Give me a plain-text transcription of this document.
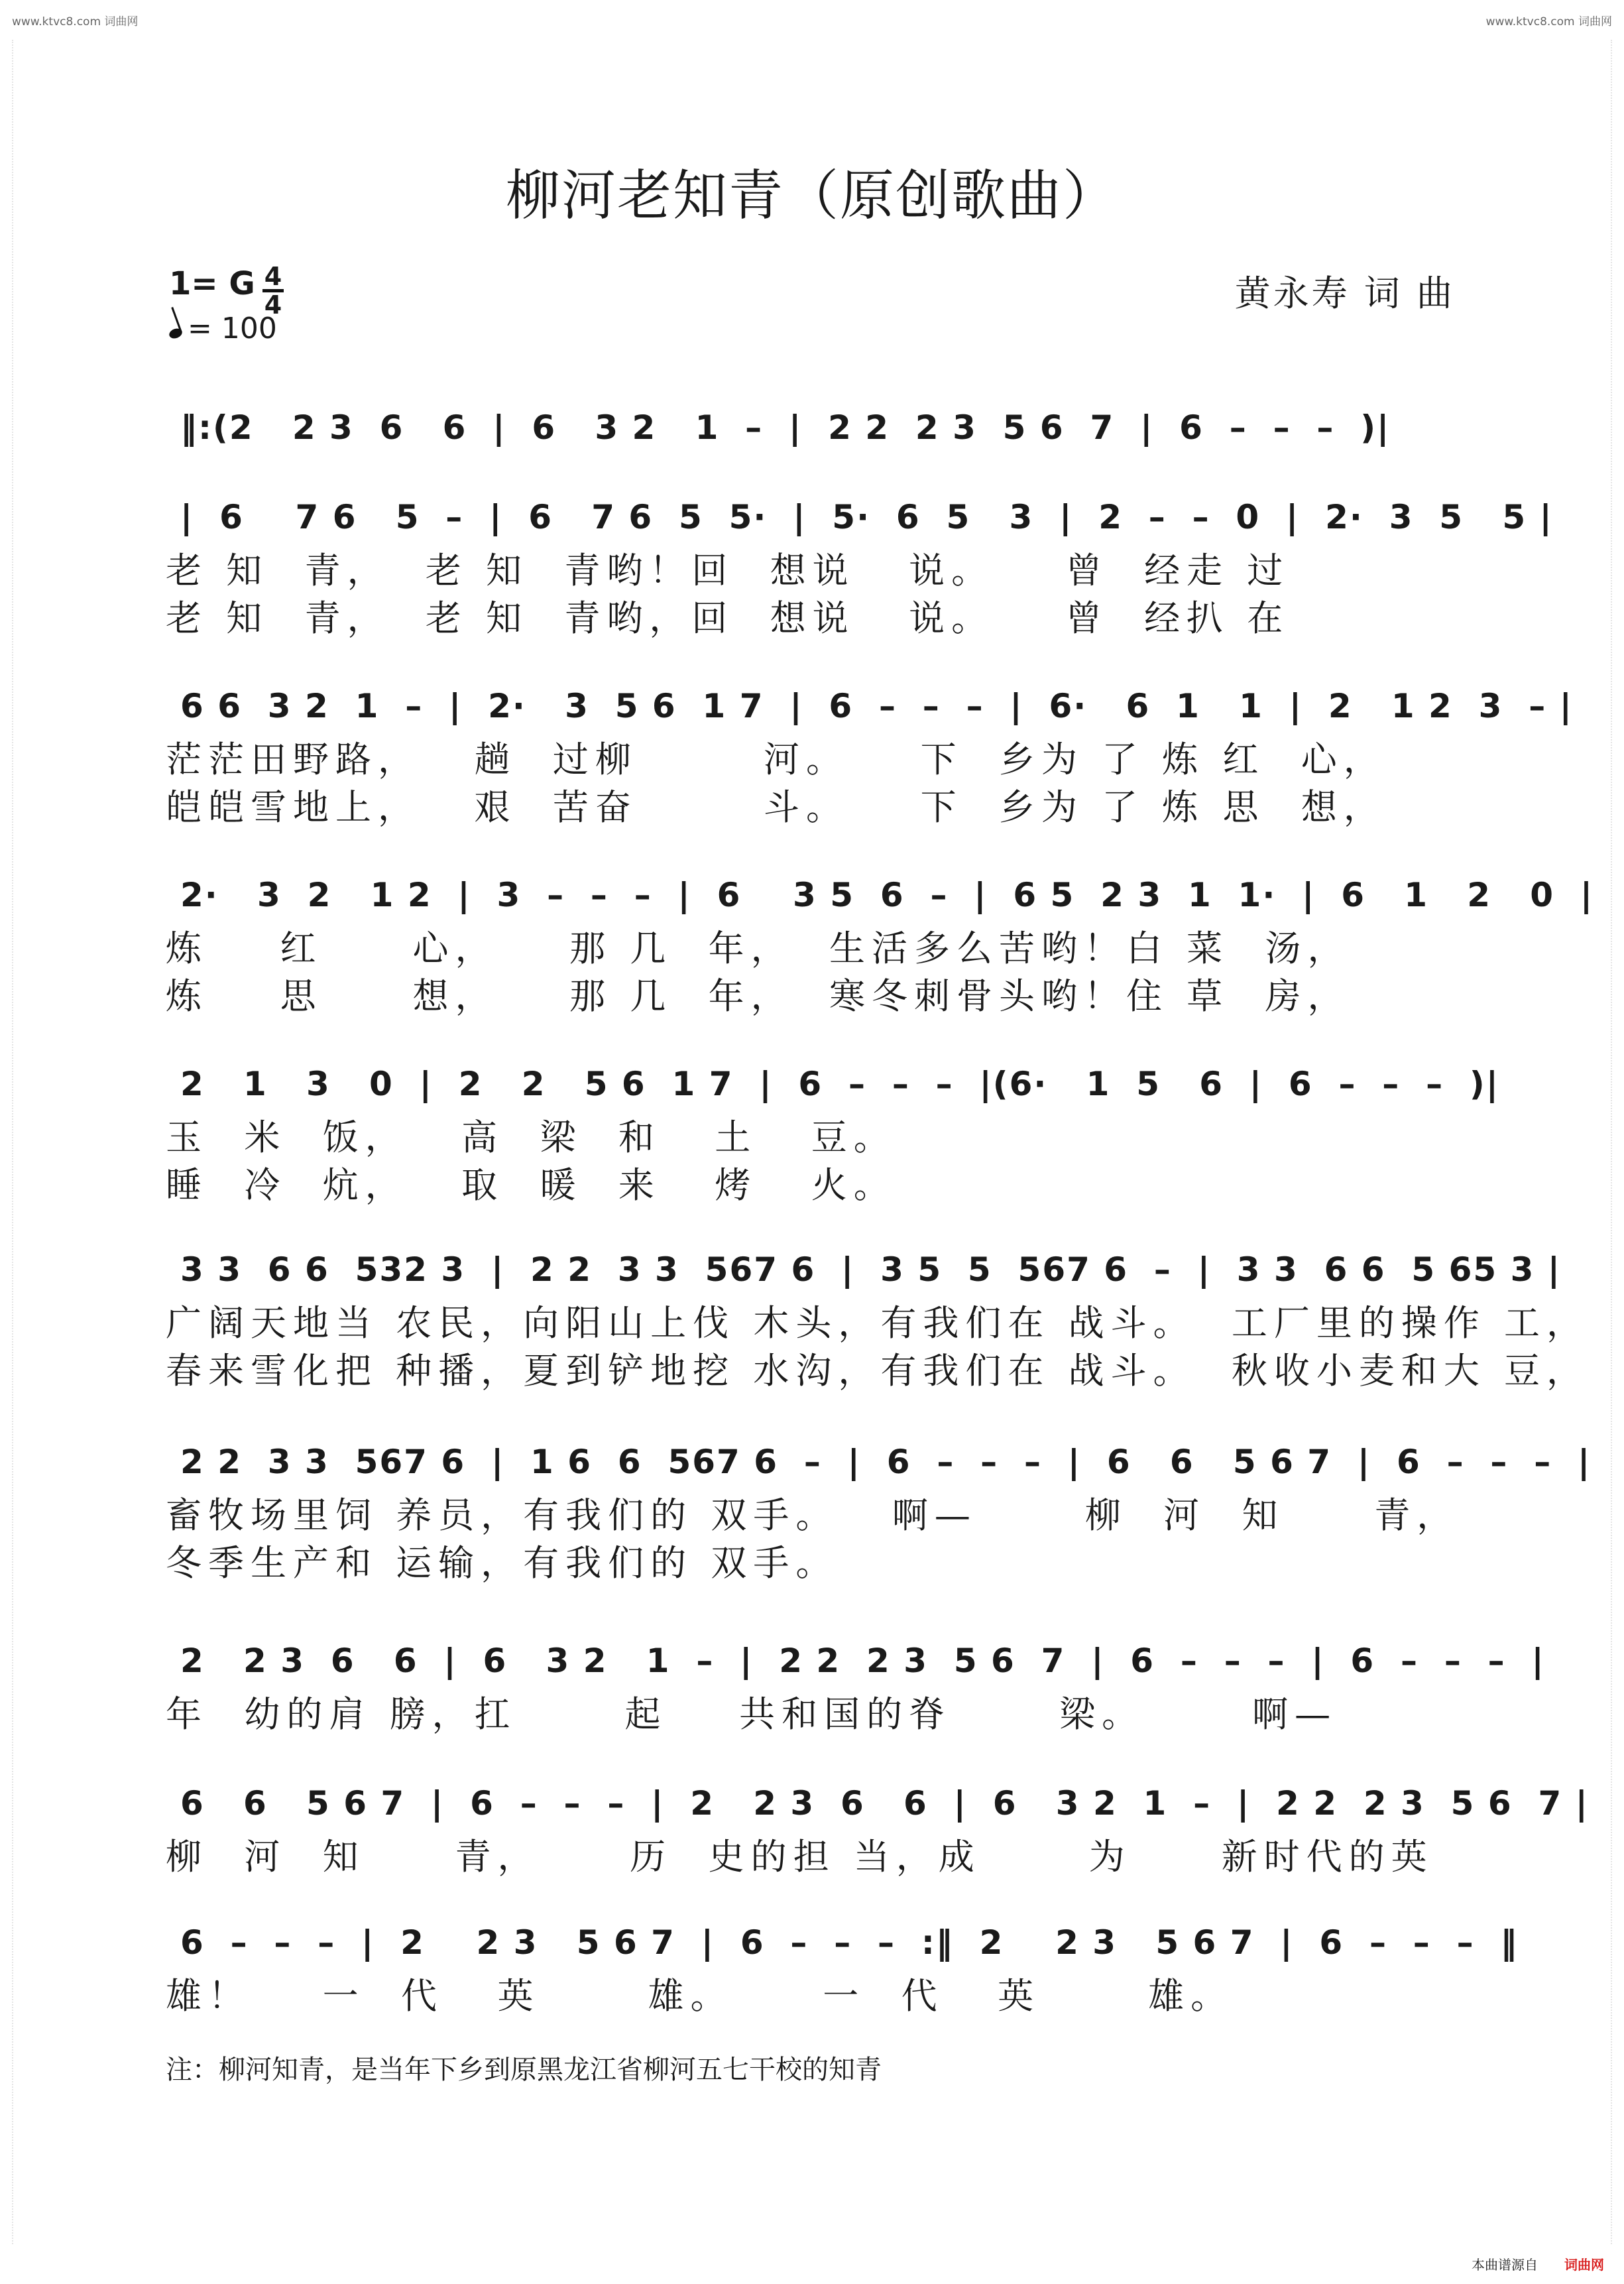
www.ktvc8.com 词曲网	www.ktvc8.com 词曲网
柳河老知青（原创歌曲）
1= G 4
4
= 100
黄永寿 词 曲
‖:(2   2 3  6   6  |  6   3 2   1  –  |  2 2  2 3  5 6  7  |  6  –  –  –  )|
|  6    7 6   5  –  |  6   7 6  5  5·  |  5·  6  5   3  |  2  –  –  0  |  2·  3  5   5 |
老 知  青，  老 知  青哟！回  想说   说。    曾  经走 过
老 知  青，  老 知  青哟，回  想说   说。    曾  经扒 在
6 6  3 2  1  –  |  2·   3  5 6  1 7  |  6  –  –  –  |  6·   6  1   1  |  2   1 2  3  – |
茫茫田野路，   趟  过柳       河。    下  乡为 了 炼 红  心，
皑皑雪地上，   艰  苦奋       斗。    下  乡为 了 炼 思  想，
2·   3  2   1 2  |  3  –  –  –  |  6    3 5  6  –  |  6 5  2 3  1  1·  |  6   1   2   0  |
炼    红     心，    那 几  年，  生活多么苦哟！白 菜  汤，
炼    思     想，    那 几  年，  寒冬刺骨头哟！住 草  房，
2   1   3   0  |  2   2   5 6  1 7  |  6  –  –  –  |(6·   1  5   6  |  6  –  –  –  )|
玉  米  饭，   高  梁  和   土   豆。
睡  冷  炕，   取  暖  来   烤   火。
3 3  6 6  532 3  |  2 2  3 3  567 6  |  3 5  5  567 6  –  |  3 3  6 6  5 65 3 |
广阔天地当 农民，向阳山上伐 木头，有我们在 战斗。  工厂里的操作 工，
春来雪化把 种播，夏到铲地挖 水沟，有我们在 战斗。  秋收小麦和大 豆，
2 2  3 3  567 6  |  1 6  6  567 6  –  |  6  –  –  –  |  6   6   5 6 7  |  6  –  –  –  |
畜牧场里饲 养员，有我们的 双手。   啊—      柳  河  知     青，
冬季生产和 运输，有我们的 双手。
2   2 3  6   6  |  6   3 2   1  –  |  2 2  2 3  5 6  7  |  6  –  –  –  |  6  –  –  –  |
年  幼的肩 膀，扛      起    共和国的脊      梁。      啊—
6   6   5 6 7  |  6  –  –  –  |  2   2 3  6   6  |  6   3 2  1  –  |  2 2  2 3  5 6  7 |
柳  河  知     青，     历  史的担 当，成      为     新时代的英
6  –  –  –  |  2    2 3   5 6 7  |  6  –  –  –  :‖  2    2 3   5 6 7  |  6  –  –  –  ‖
雄！    一  代   英      雄。     一  代   英      雄。
注：柳河知青，是当年下乡到原黑龙江省柳河五七干校的知青
本曲谱源自 词曲网
